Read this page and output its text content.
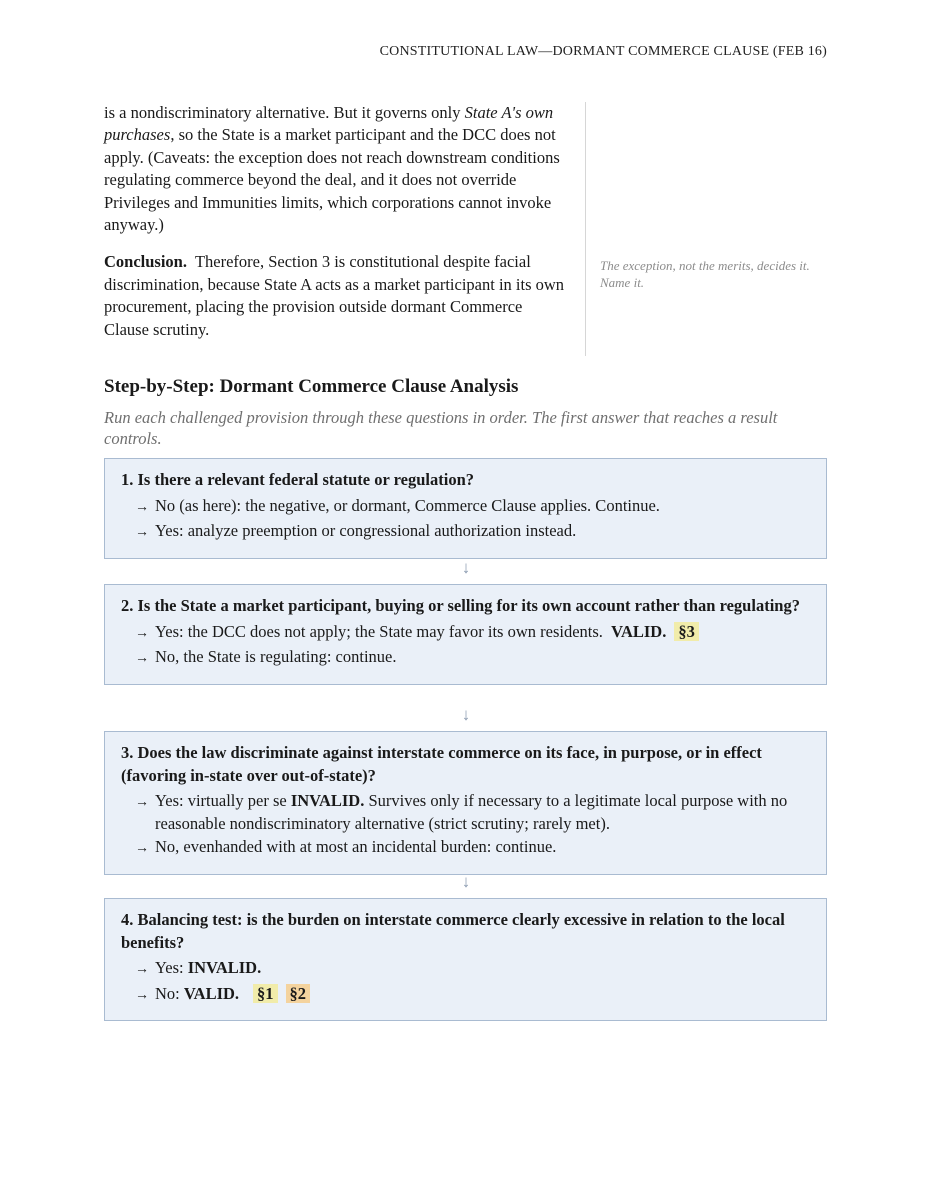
CONSTITUTIONAL LAW—DORMANT COMMERCE CLAUSE (FEB 16)

is a nondiscriminatory alternative. But it governs only State A's own purchases, so the State is a market participant and the DCC does not apply. (Caveats: the exception does not reach downstream conditions regulating commerce beyond the deal, and it does not override Privileges and Immunities limits, which corporations cannot invoke anyway.)

Conclusion. Therefore, Section 3 is constitutional despite facial discrimination, because State A acts as a market participant in its own procurement, placing the provision outside dormant Commerce Clause scrutiny.

The exception, not the merits, decides it. Name it.
Step-by-Step: Dormant Commerce Clause Analysis

Run each challenged provision through these questions in order. The first answer that reaches a result controls.

1. Is there a relevant federal statute or regulation?

→ No (as here): the negative, or dormant, Commerce Clause applies. Continue.

→ Yes: analyze preemption or congressional authorization instead.

↓

2. Is the State a market participant, buying or selling for its own account rather than regulating?

→ Yes: the DCC does not apply; the State may favor its own residents. VALID. §3

→ No, the State is regulating: continue.

↓

3. Does the law discriminate against interstate commerce on its face, in purpose, or in effect (favoring in-state over out-of-state)?

→ Yes: virtually per se INVALID. Survives only if necessary to a legitimate local purpose with no reasonable nondiscriminatory alternative (strict scrutiny; rarely met).

→ No, evenhanded with at most an incidental burden: continue.

↓

4. Balancing test: is the burden on interstate commerce clearly excessive in relation to the local benefits?

→ Yes: INVALID.

→ No: VALID. §1 §2
